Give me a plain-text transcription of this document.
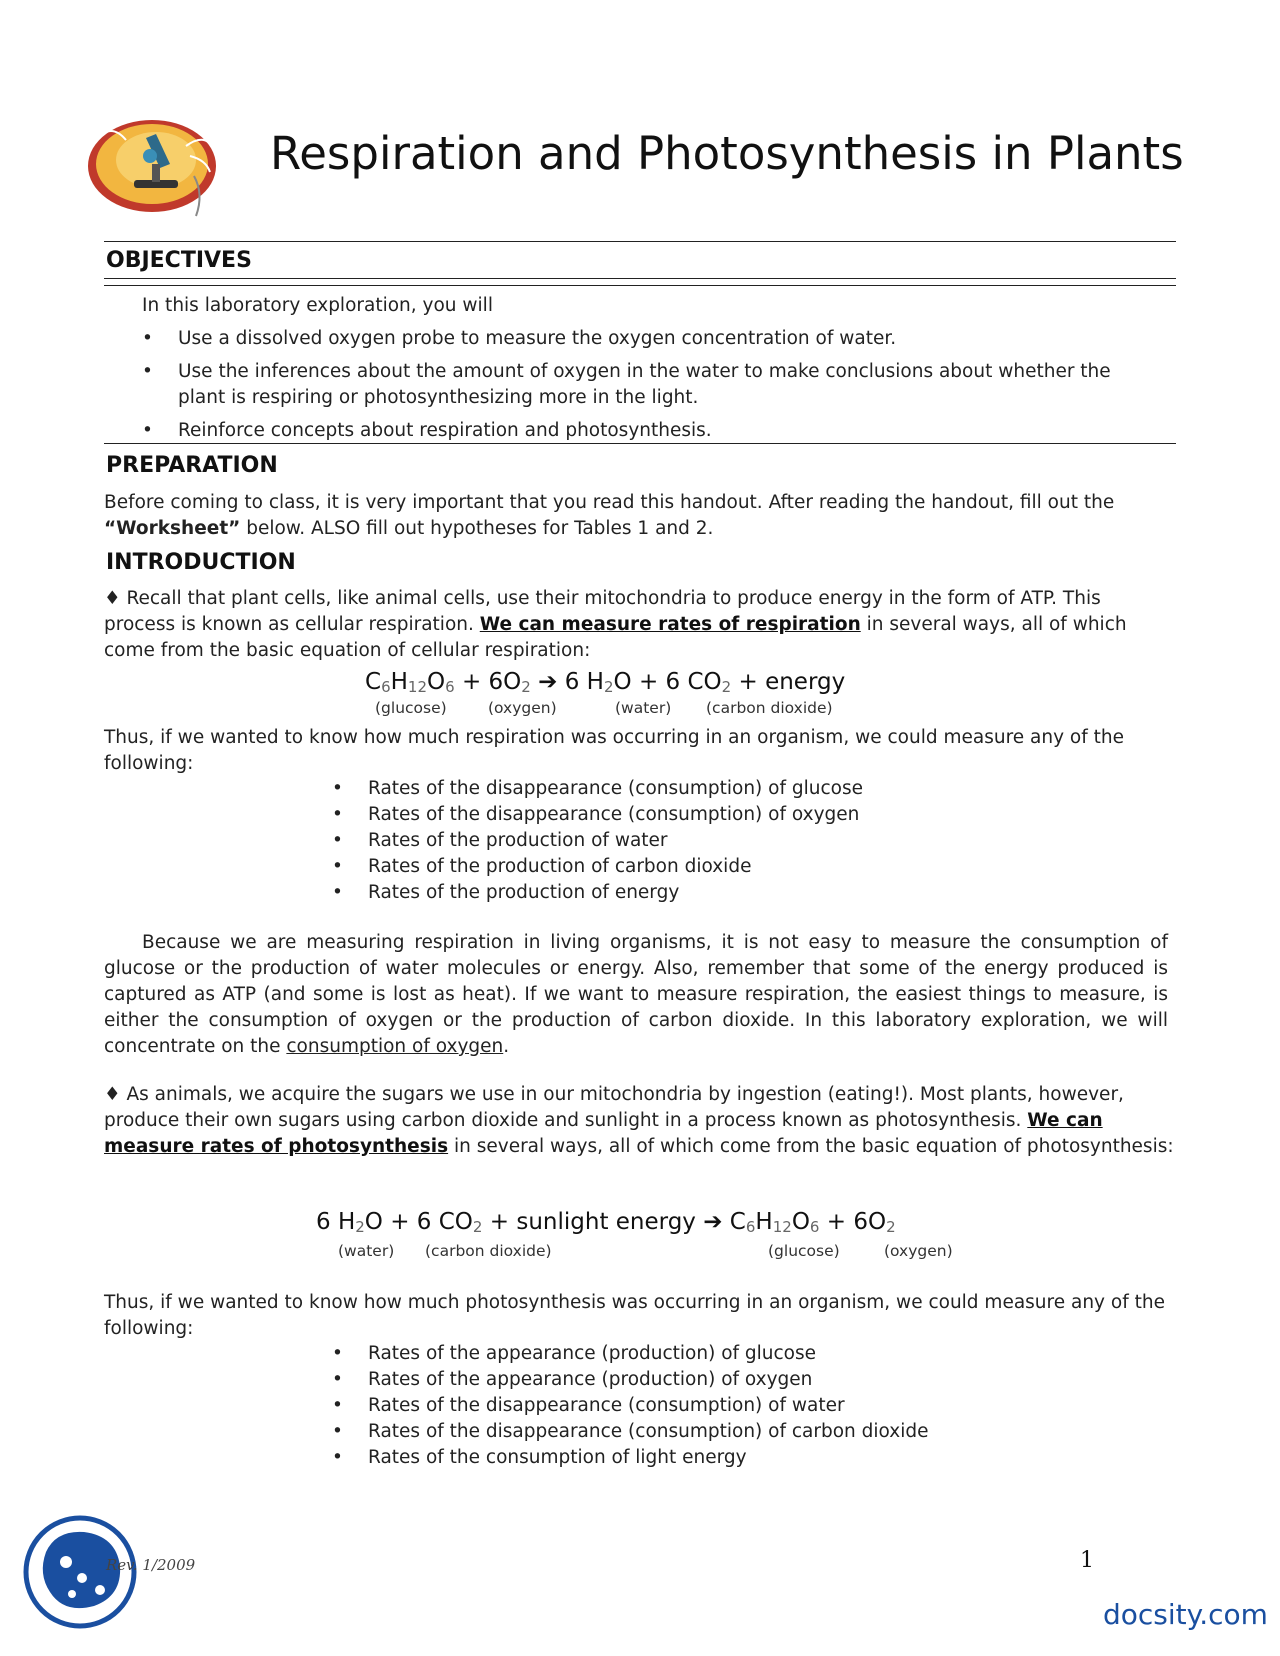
Respiration and Photosynthesis in Plants
OBJECTIVES
In this laboratory exploration, you will
• Use a dissolved oxygen probe to measure the oxygen concentration of water.
• Use the inferences about the amount of oxygen in the water to make conclusions about whether the plant is respiring or photosynthesizing more in the light.
• Reinforce concepts about respiration and photosynthesis.
PREPARATION
Before coming to class, it is very important that you read this handout. After reading the handout, fill out the “Worksheet” below. ALSO fill out hypotheses for Tables 1 and 2.
INTRODUCTION
♦ Recall that plant cells, like animal cells, use their mitochondria to produce energy in the form of ATP. This process is known as cellular respiration. We can measure rates of respiration in several ways, all of which come from the basic equation of cellular respiration:
$C_6H_{12}O_6 + 6O_2$ ➔ 6 $H_2O + 6$ $CO_2$ + energy
(glucose)	(oxygen)	(water) (carbon dioxide)
Thus, if we wanted to know how much respiration was occurring in an organism, we could measure any of the following:
• Rates of the disappearance (consumption) of glucose
• Rates of the disappearance (consumption) of oxygen
• Rates of the production of water
• Rates of the production of carbon dioxide
• Rates of the production of energy
Because we are measuring respiration in living organisms, it is not easy to measure the consumption of glucose or the production of water molecules or energy. Also, remember that some of the energy produced is captured as ATP (and some is lost as heat). If we want to measure respiration, the easiest things to measure, is either the consumption of oxygen or the production of carbon dioxide. In this laboratory exploration, we will concentrate on the consumption of oxygen.
♦ As animals, we acquire the sugars we use in our mitochondria by ingestion (eating!). Most plants, however, produce their own sugars using carbon dioxide and sunlight in a process known as photosynthesis. We can measure rates of photosynthesis in several ways, all of which come from the basic equation of photosynthesis:
6 $H_2O + 6$ $CO_2$ + sunlight energy ➔ $C_6H_{12}O_6 + 6O_2$
(water) (carbon dioxide)	(glucose)	(oxygen)
Thus, if we wanted to know how much photosynthesis was occurring in an organism, we could measure any of the following:
• Rates of the appearance (production) of glucose
• Rates of the appearance (production) of oxygen
• Rates of the disappearance (consumption) of water
• Rates of the disappearance (consumption) of carbon dioxide
• Rates of the consumption of light energy
Rev. 1/2009	1
docsity.com
